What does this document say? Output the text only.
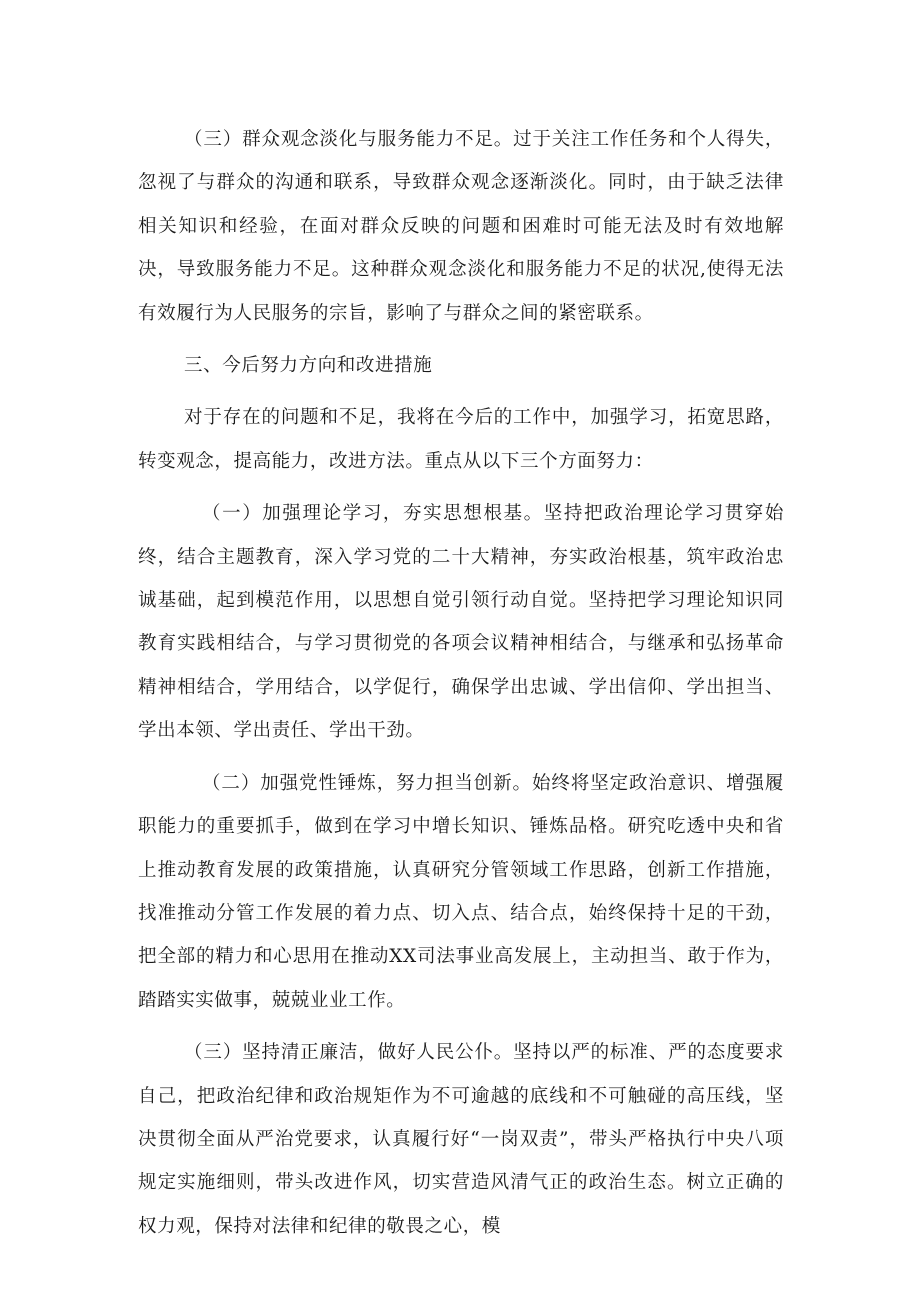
（三）群众观念淡化与服务能力不足。过于关注工作任务和个人得失，忽视了与群众的沟通和联系，导致群众观念逐渐淡化。同时，由于缺乏法律相关知识和经验，在面对群众反映的问题和困难时可能无法及时有效地解决，导致服务能力不足。这种群众观念淡化和服务能力不足的状况,使得无法有效履行为人民服务的宗旨，影响了与群众之间的紧密联系。

三、今后努力方向和改进措施

对于存在的问题和不足，我将在今后的工作中，加强学习，拓宽思路，转变观念，提高能力，改进方法。重点从以下三个方面努力：

（一）加强理论学习，夯实思想根基。坚持把政治理论学习贯穿始终，结合主题教育，深入学习党的二十大精神，夯实政治根基，筑牢政治忠诚基础，起到模范作用，以思想自觉引领行动自觉。坚持把学习理论知识同教育实践相结合，与学习贯彻党的各项会议精神相结合，与继承和弘扬革命精神相结合，学用结合，以学促行，确保学出忠诚、学出信仰、学出担当、学出本领、学出责任、学出干劲。

（二）加强党性锤炼，努力担当创新。始终将坚定政治意识、增强履职能力的重要抓手，做到在学习中增长知识、锤炼品格。研究吃透中央和省上推动教育发展的政策措施，认真研究分管领域工作思路，创新工作措施，找准推动分管工作发展的着力点、切入点、结合点，始终保持十足的干劲，把全部的精力和心思用在推动XX司法事业高发展上，主动担当、敢于作为，踏踏实实做事，兢兢业业工作。

（三）坚持清正廉洁，做好人民公仆。坚持以严的标准、严的态度要求自己，把政治纪律和政治规矩作为不可逾越的底线和不可触碰的高压线，坚决贯彻全面从严治党要求，认真履行好“一岗双责”，带头严格执行中央八项规定实施细则，带头改进作风，切实营造风清气正的政治生态。树立正确的权力观，保持对法律和纪律的敬畏之心，模
